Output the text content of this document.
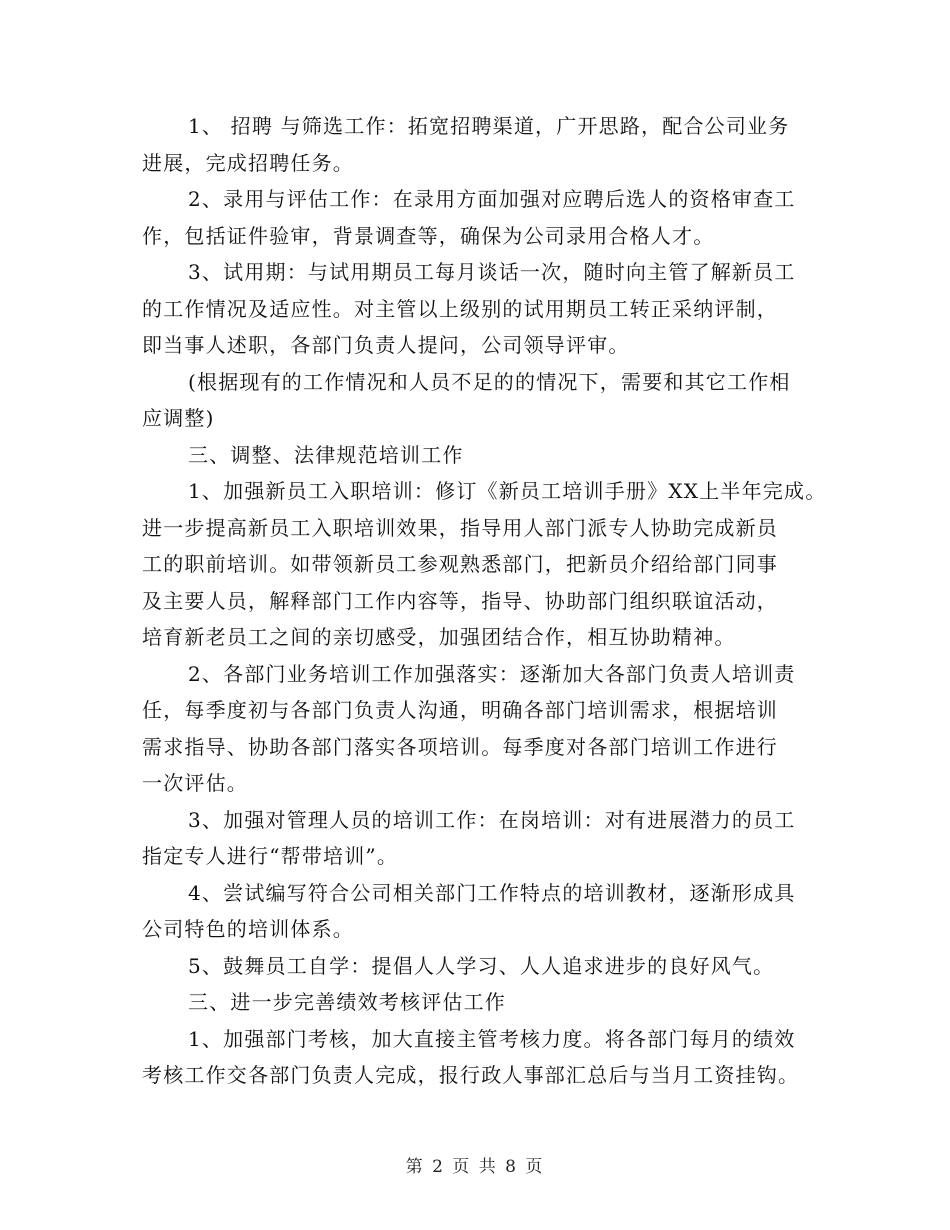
1、 招聘 与筛选工作：拓宽招聘渠道，广开思路，配合公司业务
进展，完成招聘任务。
2、录用与评估工作：在录用方面加强对应聘后选人的资格审查工
作，包括证件验审，背景调查等，确保为公司录用合格人才。
3、试用期：与试用期员工每月谈话一次，随时向主管了解新员工
的工作情况及适应性。对主管以上级别的试用期员工转正采纳评制，
即当事人述职，各部门负责人提问，公司领导评审。
(根据现有的工作情况和人员不足的的情况下，需要和其它工作相
应调整)
三、调整、法律规范培训工作
1、加强新员工入职培训：修订《新员工培训手册》XX上半年完成。
进一步提高新员工入职培训效果，指导用人部门派专人协助完成新员
工的职前培训。如带领新员工参观熟悉部门，把新员介绍给部门同事
及主要人员，解释部门工作内容等，指导、协助部门组织联谊活动，
培育新老员工之间的亲切感受，加强团结合作，相互协助精神。
2、各部门业务培训工作加强落实：逐渐加大各部门负责人培训责
任，每季度初与各部门负责人沟通，明确各部门培训需求，根据培训
需求指导、协助各部门落实各项培训。每季度对各部门培训工作进行
一次评估。
3、加强对管理人员的培训工作：在岗培训：对有进展潜力的员工
指定专人进行“帮带培训”。
4、尝试编写符合公司相关部门工作特点的培训教材，逐渐形成具
公司特色的培训体系。
5、鼓舞员工自学：提倡人人学习、人人追求进步的良好风气。
三、进一步完善绩效考核评估工作
1、加强部门考核，加大直接主管考核力度。将各部门每月的绩效
考核工作交各部门负责人完成，报行政人事部汇总后与当月工资挂钩。
第 2 页 共 8 页
